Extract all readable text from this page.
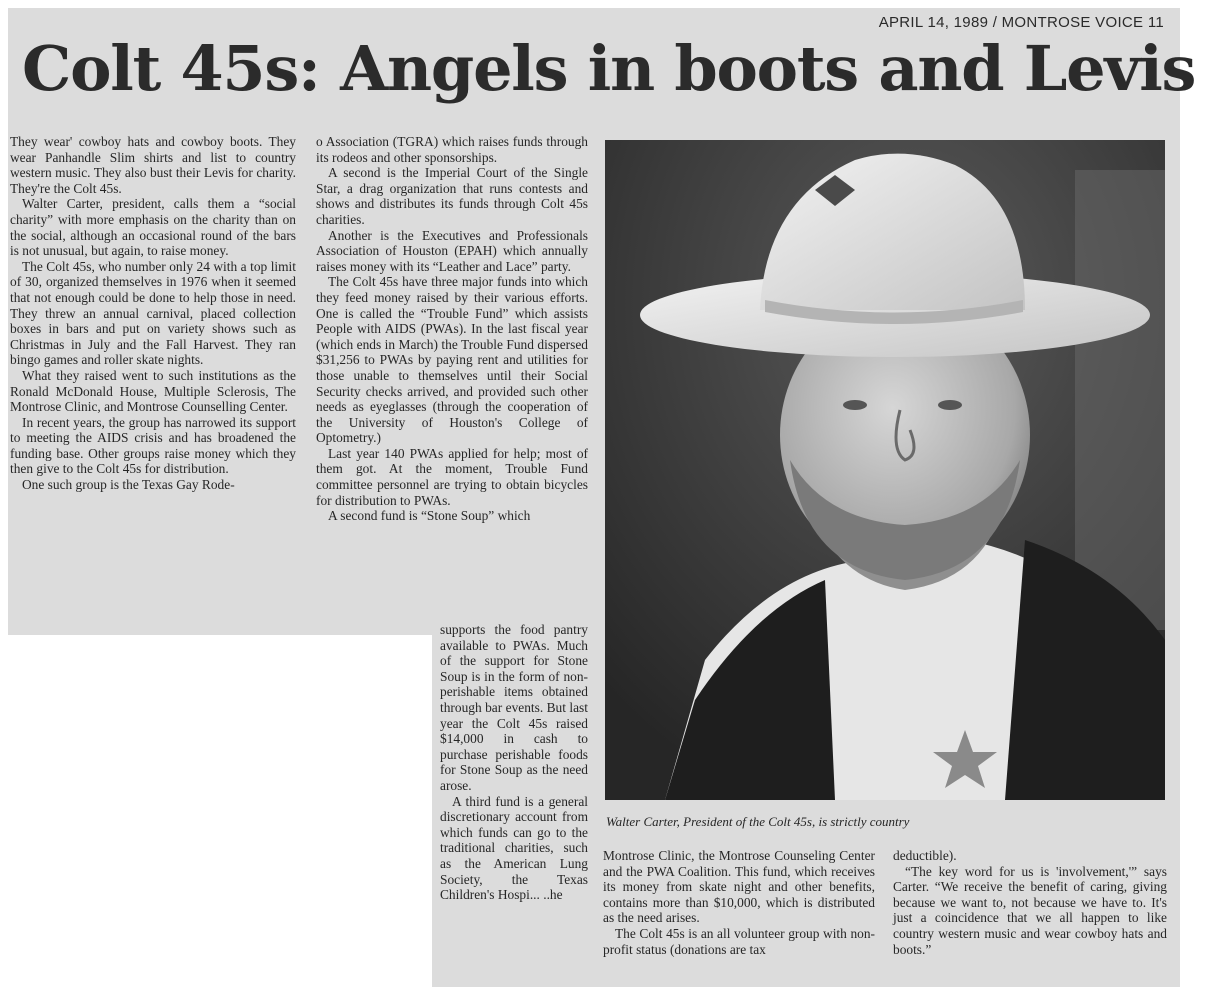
APRIL 14, 1989 / MONTROSE VOICE 11
Colt 45s: Angels in boots and Levis

They wear' cowboy hats and cowboy boots. They wear Panhandle Slim shirts and list to country western music. They also bust their Levis for charity. They're the Colt 45s.

Walter Carter, president, calls them a “social charity” with more emphasis on the charity than on the social, although an occasional round of the bars is not unusual, but again, to raise money.

The Colt 45s, who number only 24 with a top limit of 30, organized themselves in 1976 when it seemed that not enough could be done to help those in need. They threw an annual carnival, placed collection boxes in bars and put on variety shows such as Christmas in July and the Fall Harvest. They ran bingo games and roller skate nights.

What they raised went to such institutions as the Ronald McDonald House, Multiple Sclerosis, The Montrose Clinic, and Montrose Counselling Center.

In recent years, the group has narrowed its support to meeting the AIDS crisis and has broadened the funding base. Other groups raise money which they then give to the Colt 45s for distribution.

One such group is the Texas Gay Rode-

o Association (TGRA) which raises funds through its rodeos and other sponsorships.

A second is the Imperial Court of the Single Star, a drag organization that runs contests and shows and distributes its funds through Colt 45s charities.

Another is the Executives and Professionals Association of Houston (EPAH) which annually raises money with its “Leather and Lace” party.

The Colt 45s have three major funds into which they feed money raised by their various efforts. One is called the “Trouble Fund” which assists People with AIDS (PWAs). In the last fiscal year (which ends in March) the Trouble Fund dispersed $31,256 to PWAs by paying rent and utilities for those unable to themselves until their Social Security checks arrived, and provided such other needs as eyeglasses (through the cooperation of the University of Houston's College of Optometry.)

Last year 140 PWAs applied for help; most of them got. At the moment, Trouble Fund committee personnel are trying to obtain bicycles for distribution to PWAs.

A second fund is “Stone Soup” which

supports the food pantry available to PWAs. Much of the support for Stone Soup is in the form of non-perishable items obtained through bar events. But last year the Colt 45s raised $14,000 in cash to purchase perishable foods for Stone Soup as the need arose.

A third fund is a general discretionary account from which funds can go to the traditional charities, such as the American Lung Society, the Texas Children's Hospi... ..he

Walter Carter, President of the Colt 45s, is strictly country

Montrose Clinic, the Montrose Counseling Center and the PWA Coalition. This fund, which receives its money from skate night and other benefits, contains more than $10,000, which is distributed as the need arises.

The Colt 45s is an all volunteer group with non-profit status (donations are tax

deductible).

“The key word for us is 'involvement,'” says Carter. “We receive the benefit of caring, giving because we want to, not because we have to. It's just a coincidence that we all happen to like country western music and wear cowboy hats and boots.”
